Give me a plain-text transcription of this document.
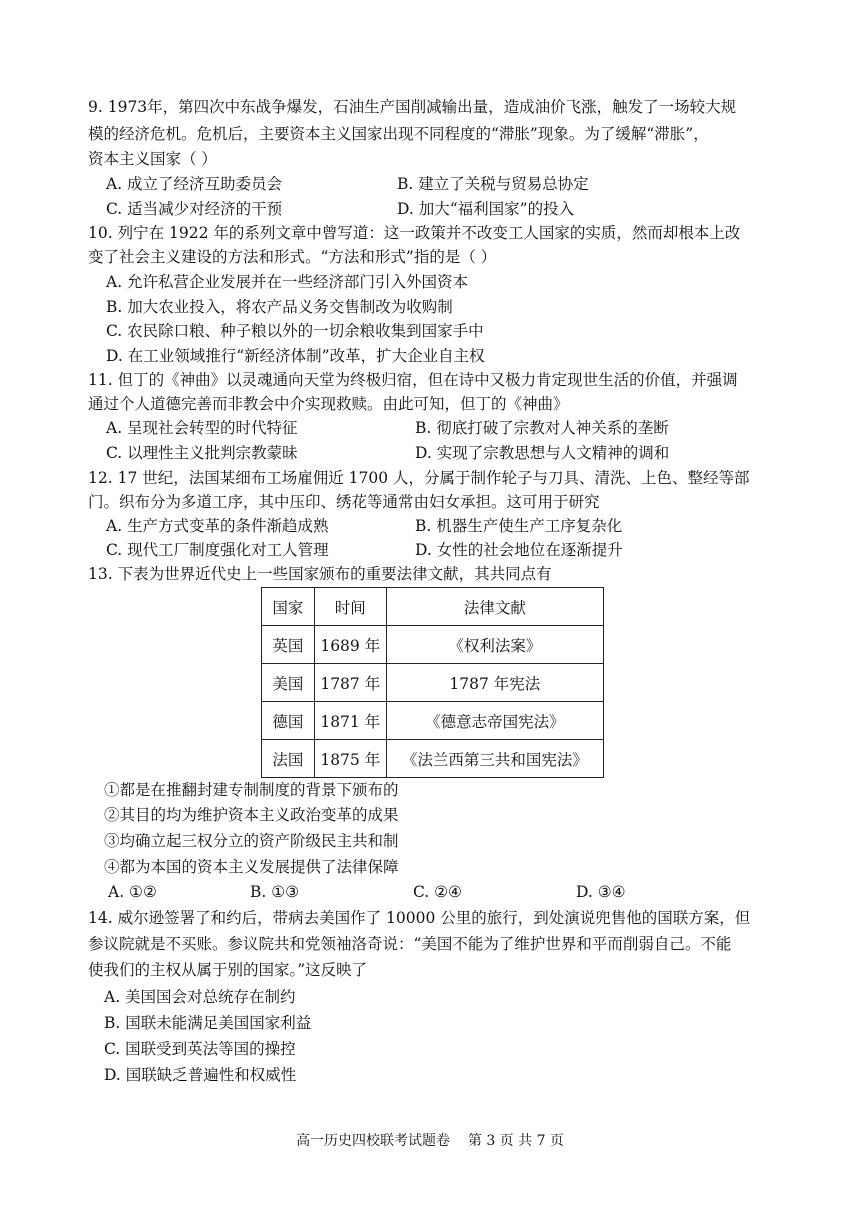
9. 1973年，第四次中东战争爆发，石油生产国削减输出量，造成油价飞涨，触发了一场较大规
模的经济危机。危机后，主要资本主义国家出现不同程度的“滞胀”现象。为了缓解“滞胀”，
资本主义国家（ ）
A. 成立了经济互助委员会	B. 建立了关税与贸易总协定
C. 适当减少对经济的干预	D. 加大“福利国家”的投入
10. 列宁在 1922 年的系列文章中曾写道：这一政策并不改变工人国家的实质，然而却根本上改
变了社会主义建设的方法和形式。“方法和形式”指的是（ ）
A. 允许私营企业发展并在一些经济部门引入外国资本
B. 加大农业投入，将农产品义务交售制改为收购制
C. 农民除口粮、种子粮以外的一切余粮收集到国家手中
D. 在工业领域推行“新经济体制”改革，扩大企业自主权
11. 但丁的《神曲》以灵魂通向天堂为终极归宿，但在诗中又极力肯定现世生活的价值，并强调
通过个人道德完善而非教会中介实现救赎。由此可知，但丁的《神曲》
A. 呈现社会转型的时代特征	B. 彻底打破了宗教对人神关系的垄断
C. 以理性主义批判宗教蒙昧	D. 实现了宗教思想与人文精神的调和
12. 17 世纪，法国某细布工场雇佣近 1700 人，分属于制作轮子与刀具、清洗、上色、整经等部
门。织布分为多道工序，其中压印、绣花等通常由妇女承担。这可用于研究
A. 生产方式变革的条件渐趋成熟	B. 机器生产使生产工序复杂化
C. 现代工厂制度强化对工人管理	D. 女性的社会地位在逐渐提升
13. 下表为世界近代史上一些国家颁布的重要法律文献，其共同点有
国家	时间	法律文献
英国	1689 年	《权利法案》
美国	1787 年	1787 年宪法
德国	1871 年	《德意志帝国宪法》
法国	1875 年	《法兰西第三共和国宪法》
①都是在推翻封建专制制度的背景下颁布的
②其目的均为维护资本主义政治变革的成果
③均确立起三权分立的资产阶级民主共和制
④都为本国的资本主义发展提供了法律保障
A. ①②	B. ①③	C. ②④	D. ③④
14. 威尔逊签署了和约后，带病去美国作了 10000 公里的旅行，到处演说兜售他的国联方案，但
参议院就是不买账。参议院共和党领袖洛奇说：“美国不能为了维护世界和平而削弱自己。不能
使我们的主权从属于别的国家。”这反映了
A. 美国国会对总统存在制约
B. 国联未能满足美国国家利益
C. 国联受到英法等国的操控
D. 国联缺乏普遍性和权威性
高一历史四校联考试题卷    第 3 页 共 7 页
